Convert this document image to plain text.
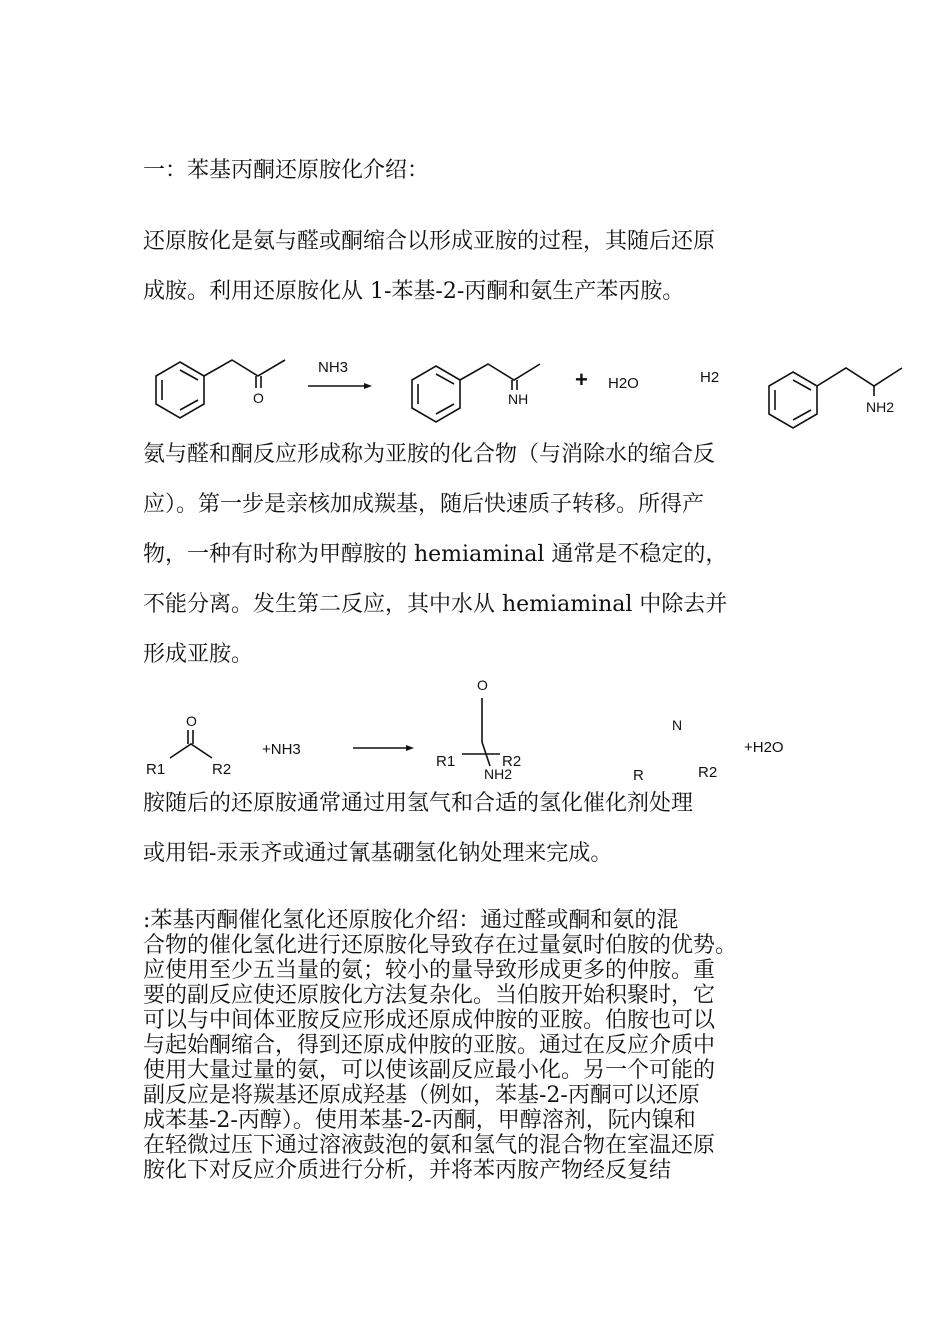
一：苯基丙酮还原胺化介绍：
还原胺化是氨与醛或酮缩合以形成亚胺的过程，其随后还原
成胺。利用还原胺化从 1-苯基-2-丙酮和氨生产苯丙胺。
O
NH3
NH
+ H2O	H2
NH2
氨与醛和酮反应形成称为亚胺的化合物（与消除水的缩合反
应）。第一步是亲核加成羰基，随后快速质子转移。所得产
物，一种有时称为甲醇胺的 hemiaminal 通常是不稳定的，
不能分离。发生第二反应，其中水从 hemiaminal 中除去并
形成亚胺。
O
R1	R2
+NH3
O
R1	R2
NH2
N
R	R2
+H2O
胺随后的还原胺通常通过用氢气和合适的氢化催化剂处理
或用铝-汞汞齐或通过氰基硼氢化钠处理来完成。
:苯基丙酮催化氢化还原胺化介绍：通过醛或酮和氨的混
合物的催化氢化进行还原胺化导致存在过量氨时伯胺的优势。
应使用至少五当量的氨；较小的量导致形成更多的仲胺。重
要的副反应使还原胺化方法复杂化。当伯胺开始积聚时，它
可以与中间体亚胺反应形成还原成仲胺的亚胺。伯胺也可以
与起始酮缩合，得到还原成仲胺的亚胺。通过在反应介质中
使用大量过量的氨，可以使该副反应最小化。另一个可能的
副反应是将羰基还原成羟基（例如，苯基-2-丙酮可以还原
成苯基-2-丙醇）。使用苯基-2-丙酮，甲醇溶剂，阮内镍和
在轻微过压下通过溶液鼓泡的氨和氢气的混合物在室温还原
胺化下对反应介质进行分析，并将苯丙胺产物经反复结
